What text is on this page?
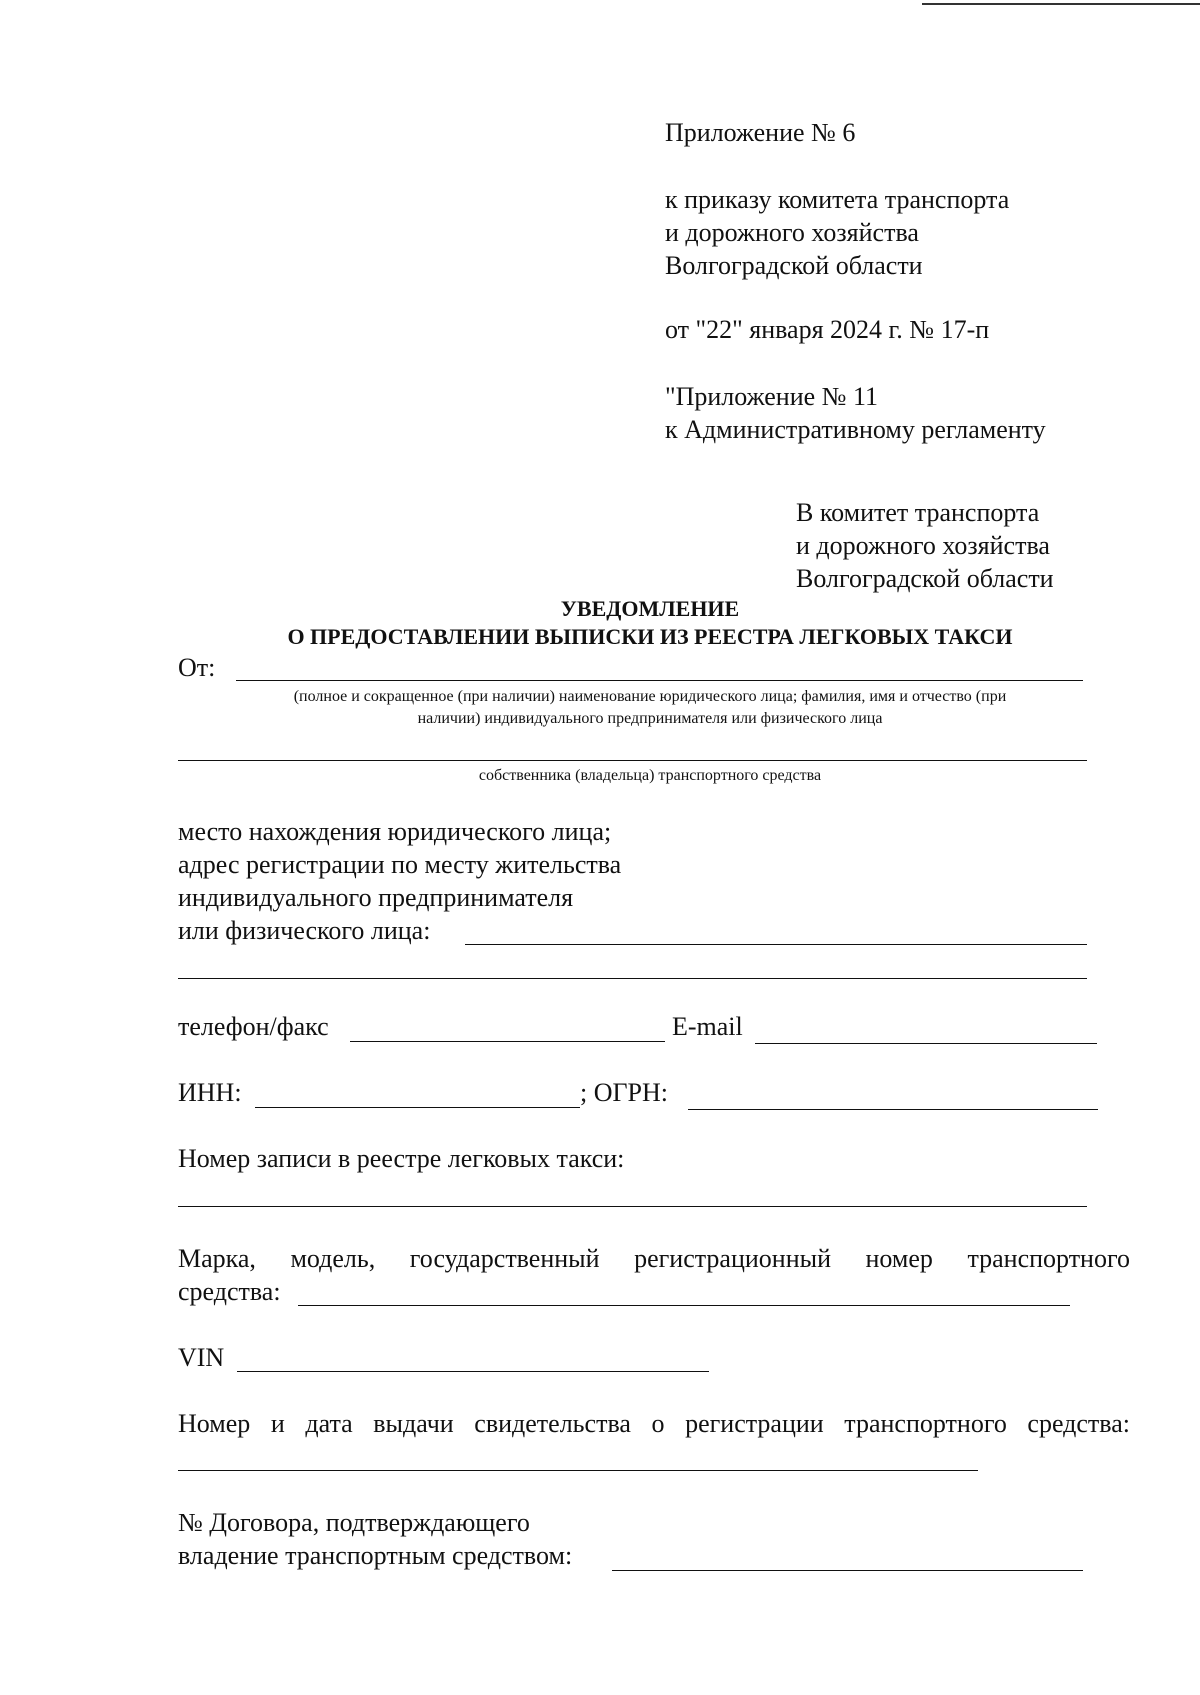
Приложение № 6
к приказу комитета транспорта
и дорожного хозяйства
Волгоградской области
от "22" января 2024 г. № 17-п
"Приложение № 11
к Административному регламенту
В комитет транспорта
и дорожного хозяйства
Волгоградской области
УВЕДОМЛЕНИЕ
О ПРЕДОСТАВЛЕНИИ ВЫПИСКИ ИЗ РЕЕСТРА ЛЕГКОВЫХ ТАКСИ
От:
(полное и сокращенное (при наличии) наименование юридического лица; фамилия, имя и отчество (при
наличии) индивидуального предпринимателя или физического лица
собственника (владельца) транспортного средства
место нахождения юридического лица;
адрес регистрации по месту жительства
индивидуального предпринимателя
или физического лица:
телефон/факс	E-mail
ИНН:	; ОГРН:
Номер записи в реестре легковых такси:
Марка, модель, государственный регистрационный номер транспортного
средства:
VIN
Номер и дата выдачи свидетельства о регистрации транспортного средства:
№ Договора, подтверждающего
владение транспортным средством:
